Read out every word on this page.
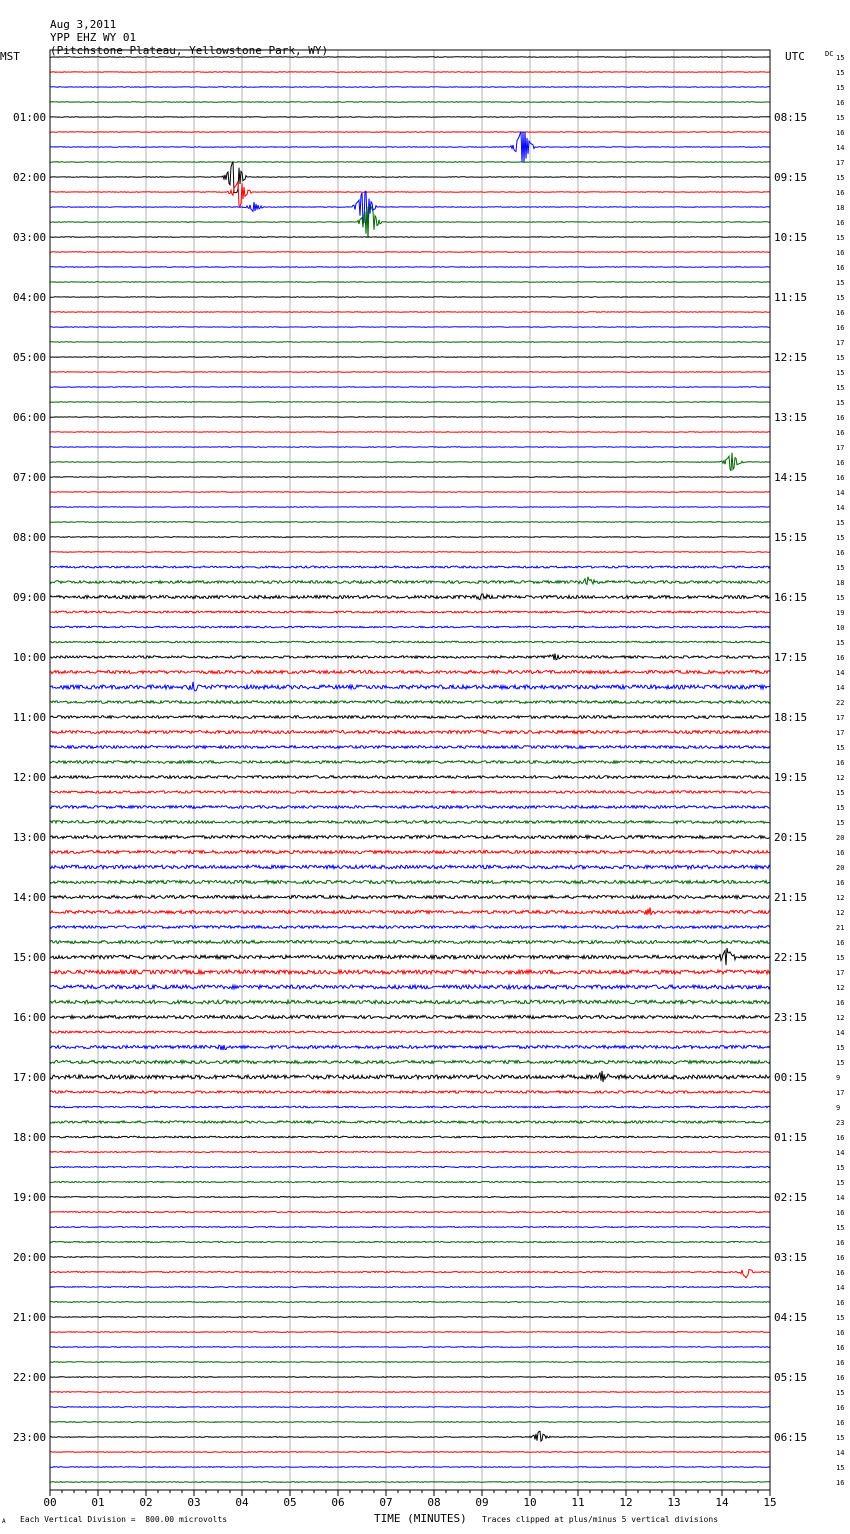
Aug 3,2011
YPP EHZ WY 01
(Pitchstone Plateau, Yellowstone Park, WY)

15
15
15
16
15
16
14
17
15
16
18
16
15
16
16
15
15
16
16
17
15
15
15
15
16
16
17
16
16
14
14
15
15
16
15
18
15
19
10
15
16
14
14
22
17
17
15
16
12
15
15
15
20
16
20
16
12
12
21
16
15
17
12
16
12
14
15
15
9
17
9
23
16
14
15
15
14
16
15
16
16
16
14
16
15
16
16
16
16
15
16
16
15
14
15
16
01:00
02:00
03:00
04:00
05:00
06:00
07:00
08:00
09:00
10:00
11:00
12:00
13:00
14:00
15:00
16:00
17:00
18:00
19:00
20:00
21:00
22:00
23:00
08:15
09:15
10:15
11:15
12:15
13:15
14:15
15:15
16:15
17:15
18:15
19:15
20:15
21:15
22:15
23:15
00:15
01:15
02:15
03:15
04:15
05:15
06:15
00	01	02	03	04	05	06	07	08	09	10	11	12	13	14	15
MST	UTC	DC
TIME (MINUTES)
A Each Vertical Division =  800.00 microvolts	Traces clipped at plus/minus 5 vertical divisions
